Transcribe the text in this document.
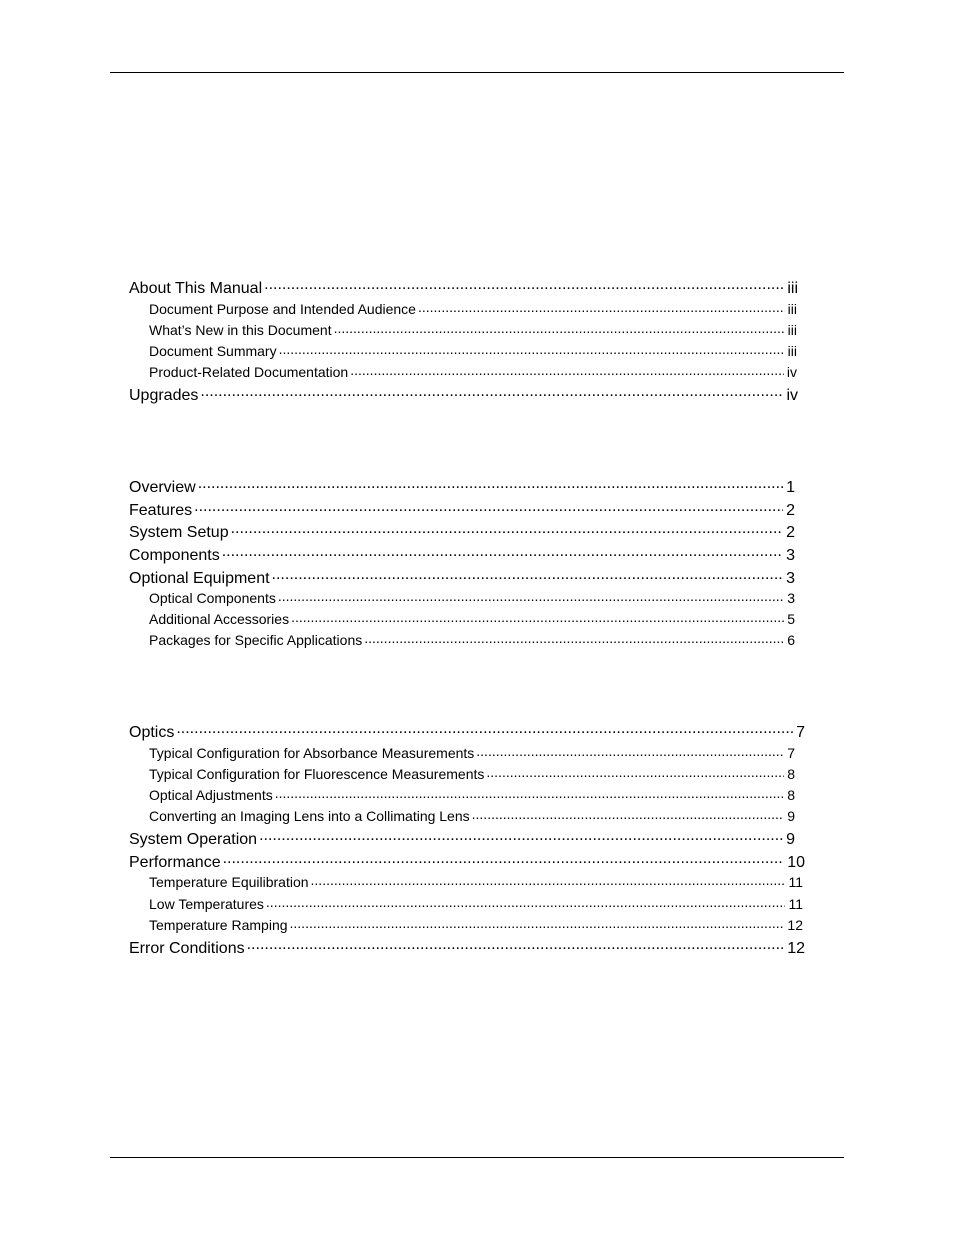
About This Manual .....	iii
Document Purpose and Intended Audience .....	iii
What’s New in this Document .....	iii
Document Summary .....	iii
Product-Related Documentation .....	iv
Upgrades .....	iv
Overview .....	1
Features .....	2
System Setup .....	2
Components .....	3
Optional Equipment .....	3
Optical Components .....	3
Additional Accessories .....	5
Packages for Specific Applications .....	6
Optics .....	7
Typical Configuration for Absorbance Measurements .....	7
Typical Configuration for Fluorescence Measurements .....	8
Optical Adjustments .....	8
Converting an Imaging Lens into a Collimating Lens .....	9
System Operation .....	9
Performance .....	10
Temperature Equilibration .....	11
Low Temperatures .....	11
Temperature Ramping .....	12
Error Conditions .....	12
